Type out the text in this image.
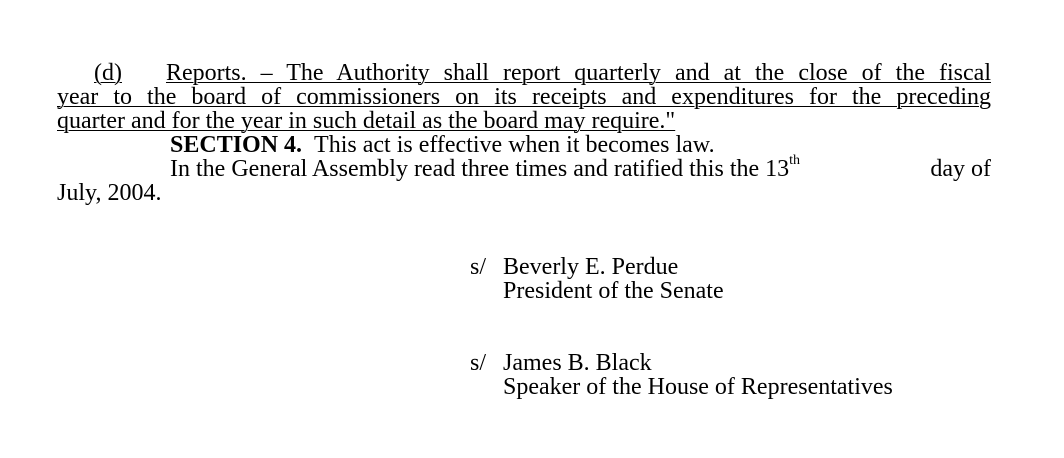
(d) Reports. – The Authority shall report quarterly and at the close of the fiscal
year to the board of commissioners on its receipts and expenditures for the preceding
quarter and for the year in such detail as the board may require."
SECTION 4. This act is effective when it becomes law.
In the General Assembly read three times and ratified this the 13th	day of
July, 2004.
s/ Beverly E. Perdue
President of the Senate
s/ James B. Black
Speaker of the House of Representatives
